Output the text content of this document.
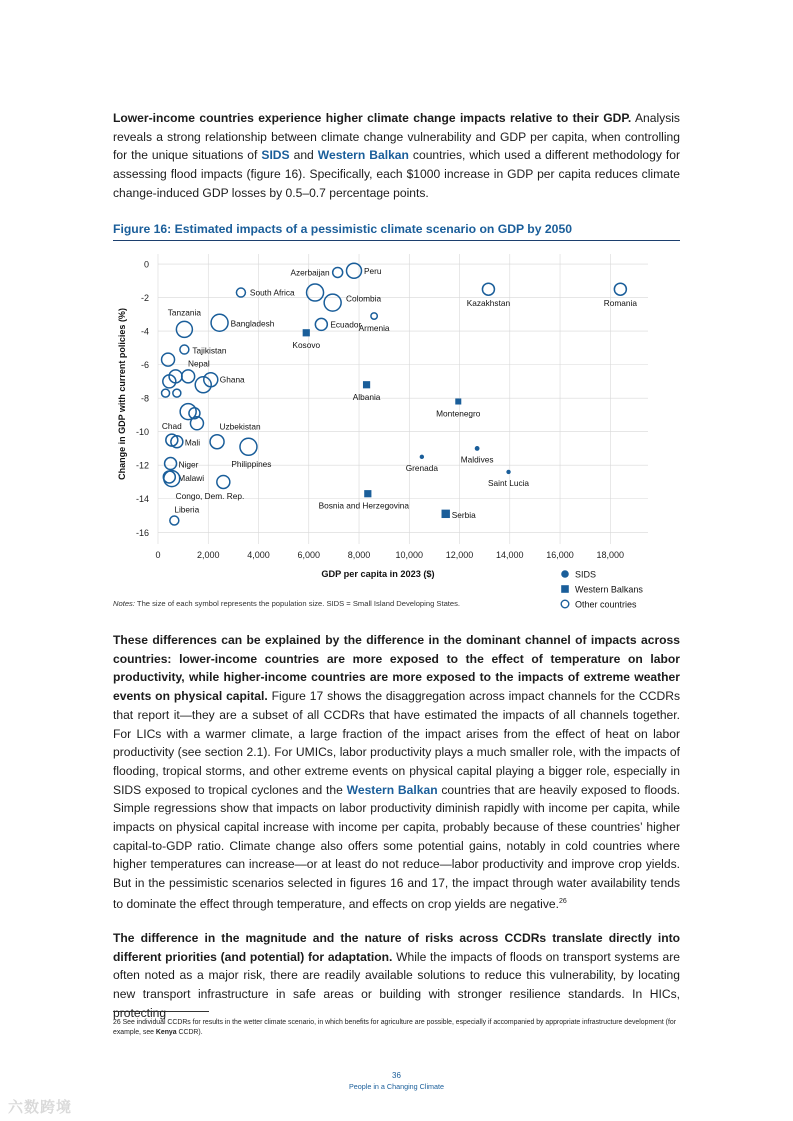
Lower-income countries experience higher climate change impacts relative to their GDP. Analysis reveals a strong relationship between climate change vulnerability and GDP per capita, when controlling for the unique situations of SIDS and Western Balkan countries, which used a different methodology for assessing flood impacts (figure 16). Specifically, each $1000 increase in GDP per capita reduces climate change-induced GDP losses by 0.5–0.7 percentage points.

Figure 16: Estimated impacts of a pessimistic climate scenario on GDP by 2050
0
-2
-4
-6
-8
-10
-12
-14
-16
0	2,000	4,000	6,000	8,000	10,000	12,000	14,000	16,000	18,000
GDP per capita in 2023 ($)
Change in GDP with current policies (%)
Azerbaijan	Peru
South Africa
Colombia	Kazakhstan	Romania
Armenia
Ecuador
Kosovo
Tanzania
Bangladesh
Tajikistan
Nepal
Ghana
Chad
Mali
Uzbekistan
Philippines
Niger
Malawi
Congo, Dem. Rep.
Liberia
Albania
Montenegro
Grenada
Maldives
Saint Lucia
Bosnia and Herzegovina
Serbia
SIDS
Western Balkans
Other countries
Notes: The size of each symbol represents the population size. SIDS = Small Island Developing States.

These differences can be explained by the difference in the dominant channel of impacts across countries: lower-income countries are more exposed to the effect of temperature on labor productivity, while higher-income countries are more exposed to the impacts of extreme weather events on physical capital. Figure 17 shows the disaggregation across impact channels for the CCDRs that report it—they are a subset of all CCDRs that have estimated the impacts of all channels together. For LICs with a warmer climate, a large fraction of the impact arises from the effect of heat on labor productivity (see section 2.1). For UMICs, labor productivity plays a much smaller role, with the impacts of flooding, tropical storms, and other extreme events on physical capital playing a bigger role, especially in SIDS exposed to tropical cyclones and the Western Balkan countries that are heavily exposed to floods. Simple regressions show that impacts on labor productivity diminish rapidly with income per capita, while impacts on physical capital increase with income per capita, probably because of these countries’ higher capital-to-GDP ratio. Climate change also offers some potential gains, notably in cold countries where higher temperatures can increase—or at least do not reduce—labor productivity and improve crop yields. But in the pessimistic scenarios selected in figures 16 and 17, the impact through water availability tends to dominate the effect through temperature, and effects on crop yields are negative.$^{26}$

The difference in the magnitude and the nature of risks across CCDRs translate directly into different priorities (and potential) for adaptation. While the impacts of floods on transport systems are often noted as a major risk, there are readily available solutions to reduce this vulnerability, by locating new transport infrastructure in safe areas or building with stronger resilience standards. In HICs, protecting

26 See individual CCDRs for results in the wetter climate scenario, in which benefits for agriculture are possible, especially if accompanied by appropriate infrastructure development (for example, see Kenya CCDR).
36
People in a Changing Climate
六数跨境
